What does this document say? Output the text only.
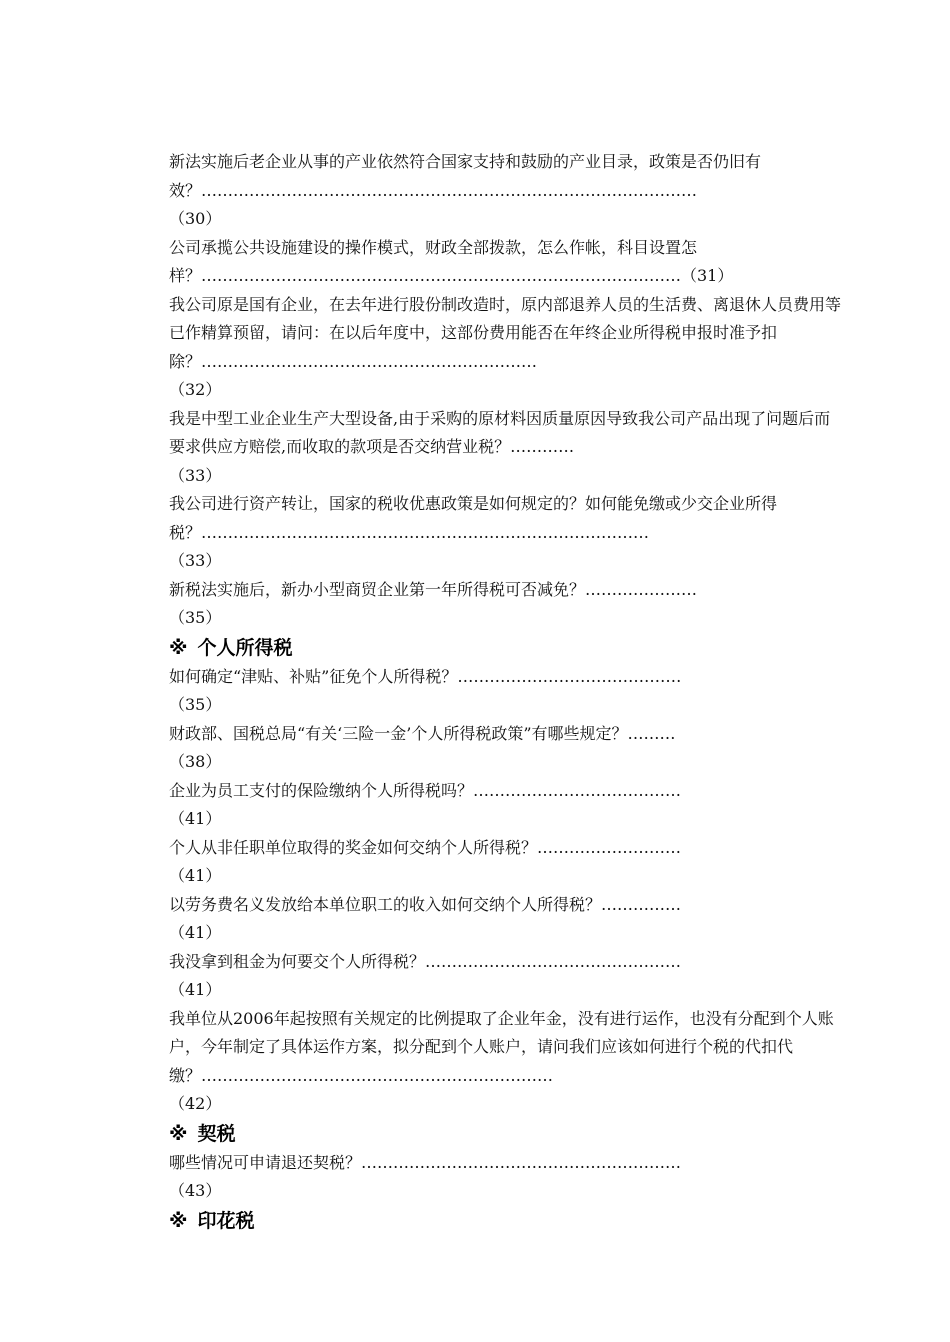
新法实施后老企业从事的产业依然符合国家支持和鼓励的产业目录，政策是否仍旧有效？…………………………………………………………………………………
（30）
公司承揽公共设施建设的操作模式，财政全部拨款，怎么作帐，科目设置怎样？………………………………………………………………………………（31）
我公司原是国有企业，在去年进行股份制改造时，原内部退养人员的生活费、离退休人员费用等已作精算预留，请问：在以后年度中，这部份费用能否在年终企业所得税申报时准予扣除？………………………………………………………
（32）
我是中型工业企业生产大型设备,由于采购的原材料因质量原因导致我公司产品出现了问题后而要求供应方赔偿,而收取的款项是否交纳营业税？…………
（33）
我公司进行资产转让，国家的税收优惠政策是如何规定的？如何能免缴或少交企业所得税？…………………………………………………………………………
（33）
新税法实施后，新办小型商贸企业第一年所得税可否减免？…………………
（35）
※ 个人所得税
如何确定“津贴、补贴”征免个人所得税？……………………………………
（35）
财政部、国税总局“有关‘三险一金’个人所得税政策”有哪些规定？………
（38）
企业为员工支付的保险缴纳个人所得税吗？…………………………………
（41）
个人从非任职单位取得的奖金如何交纳个人所得税？………………………
（41）
以劳务费名义发放给本单位职工的收入如何交纳个人所得税？……………
（41）
我没拿到租金为何要交个人所得税？…………………………………………
（41）
我单位从2006年起按照有关规定的比例提取了企业年金，没有进行运作，也没有分配到个人账户，今年制定了具体运作方案，拟分配到个人账户，请问我们应该如何进行个税的代扣代缴？…………………………………………………………
（42）
※ 契税
哪些情况可申请退还契税？……………………………………………………
（43）
※ 印花税
